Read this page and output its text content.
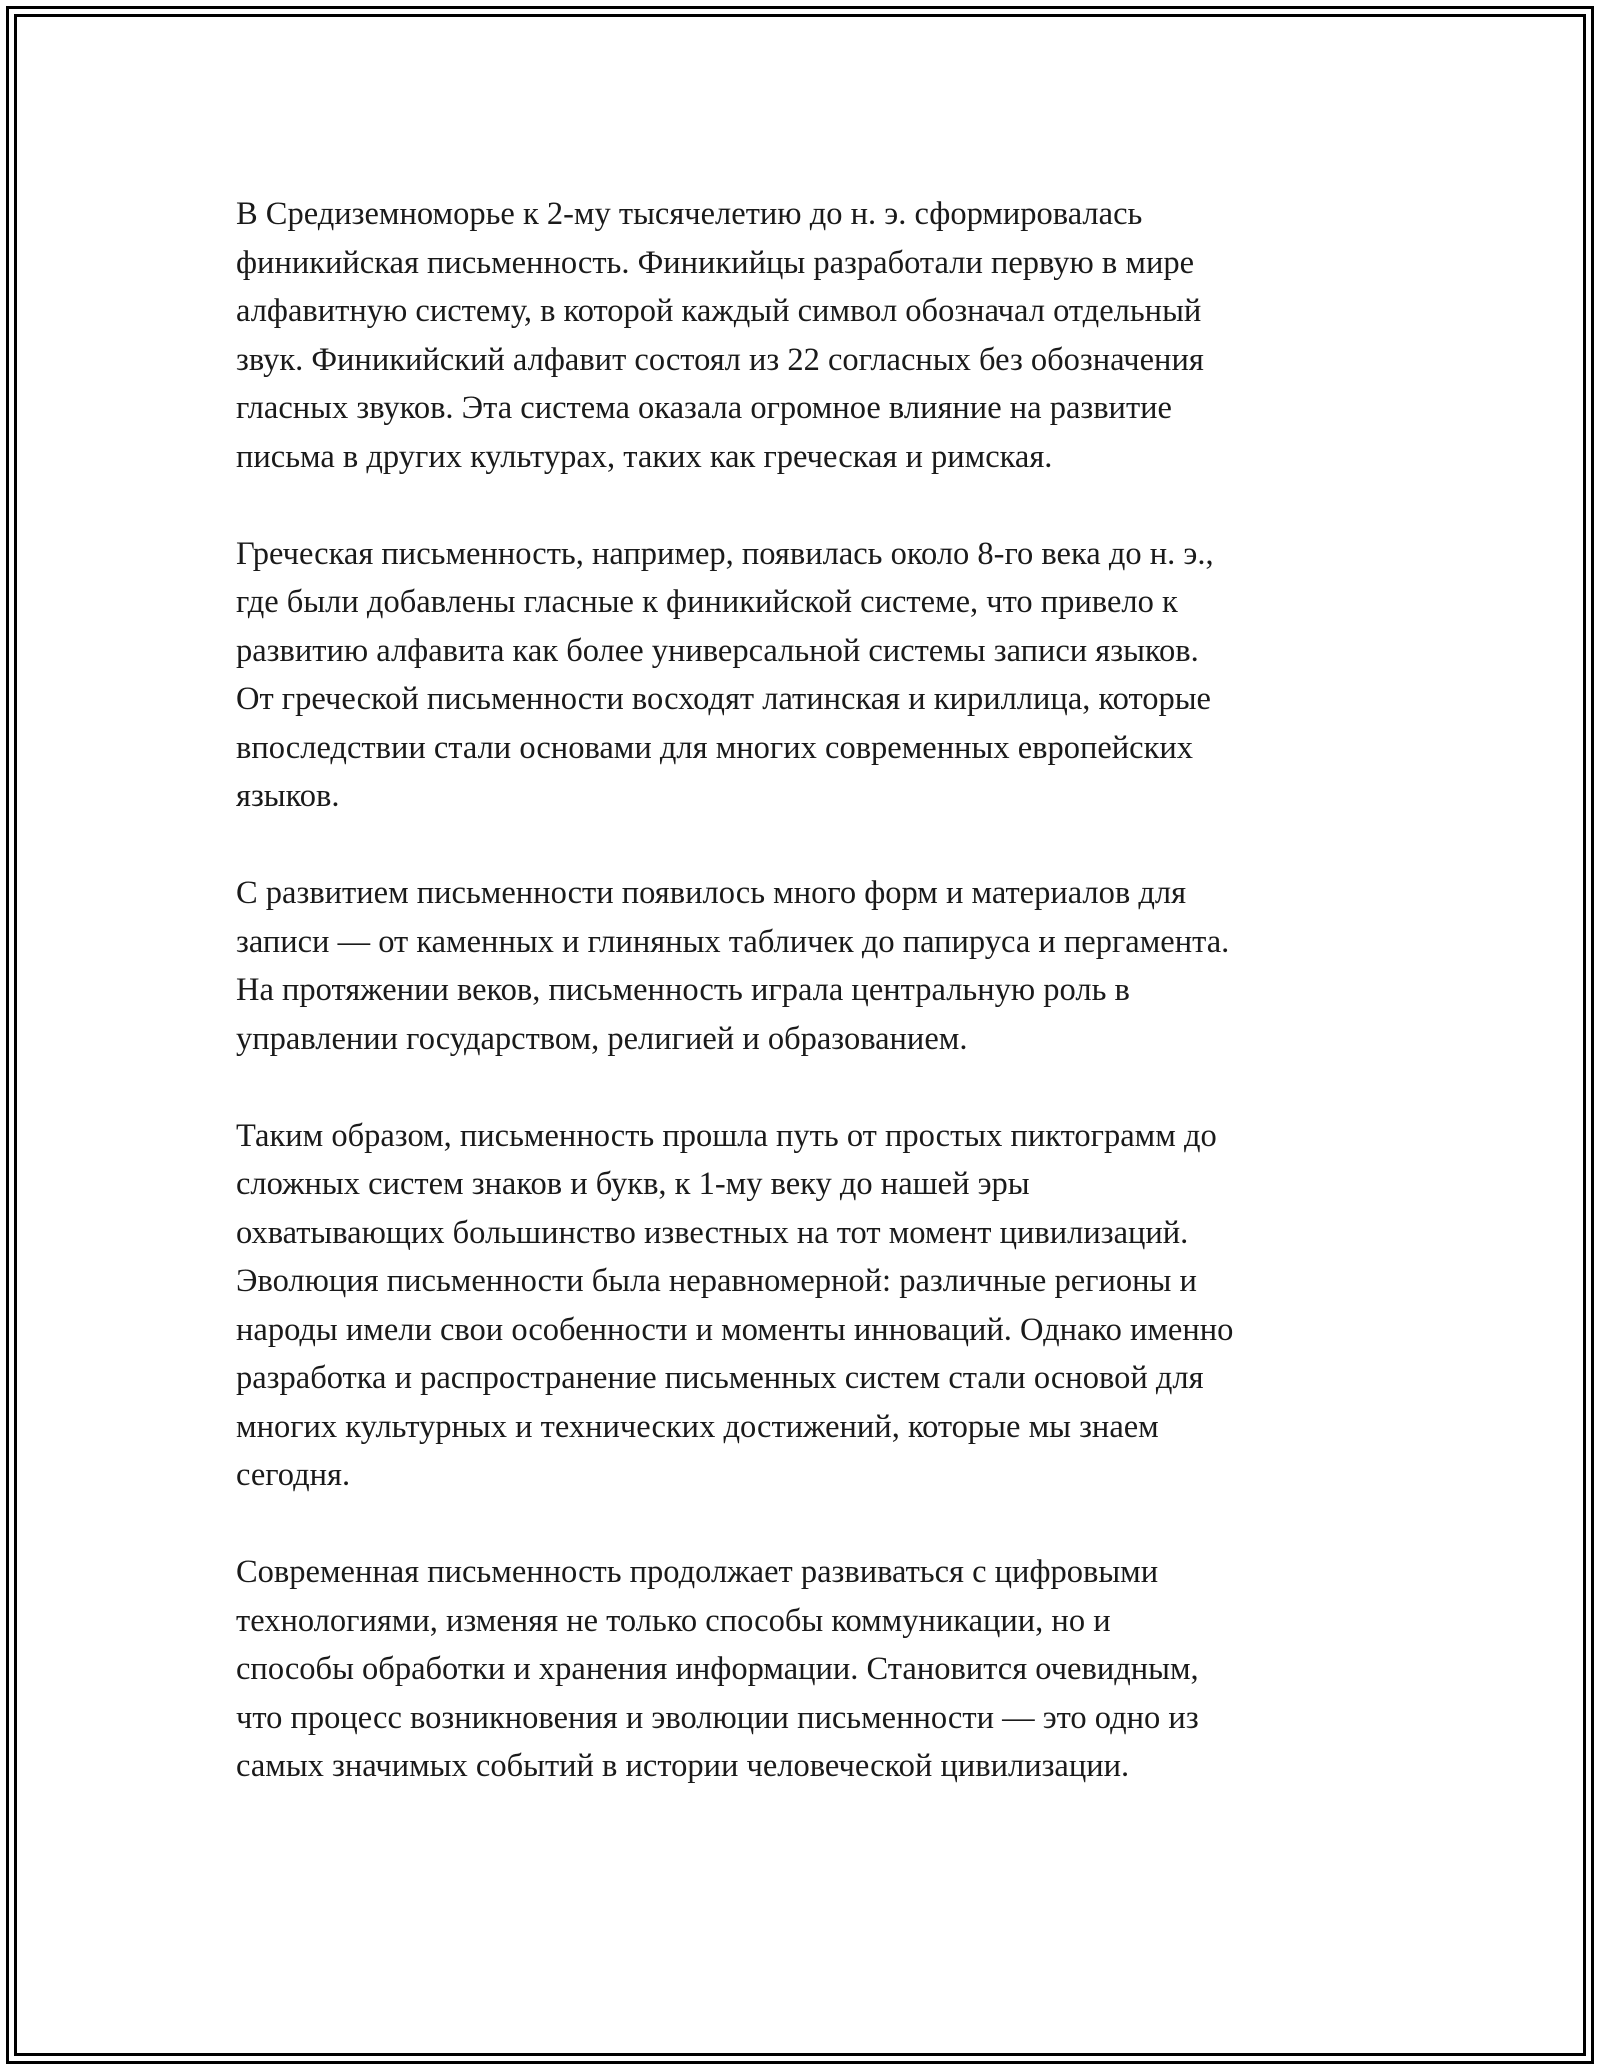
В Средиземноморье к 2-му тысячелетию до н. э. сформировалась
финикийская письменность. Финикийцы разработали первую в мире
алфавитную систему, в которой каждый символ обозначал отдельный
звук. Финикийский алфавит состоял из 22 согласных без обозначения
гласных звуков. Эта система оказала огромное влияние на развитие
письма в других культурах, таких как греческая и римская.

Греческая письменность, например, появилась около 8-го века до н. э.,
где были добавлены гласные к финикийской системе, что привело к
развитию алфавита как более универсальной системы записи языков.
От греческой письменности восходят латинская и кириллица, которые
впоследствии стали основами для многих современных европейских
языков.

С развитием письменности появилось много форм и материалов для
записи — от каменных и глиняных табличек до папируса и пергамента.
На протяжении веков, письменность играла центральную роль в
управлении государством, религией и образованием.

Таким образом, письменность прошла путь от простых пиктограмм до
сложных систем знаков и букв, к 1-му веку до нашей эры
охватывающих большинство известных на тот момент цивилизаций.
Эволюция письменности была неравномерной: различные регионы и
народы имели свои особенности и моменты инноваций. Однако именно
разработка и распространение письменных систем стали основой для
многих культурных и технических достижений, которые мы знаем
сегодня.

Современная письменность продолжает развиваться с цифровыми
технологиями, изменяя не только способы коммуникации, но и
способы обработки и хранения информации. Становится очевидным,
что процесс возникновения и эволюции письменности — это одно из
самых значимых событий в истории человеческой цивилизации.
